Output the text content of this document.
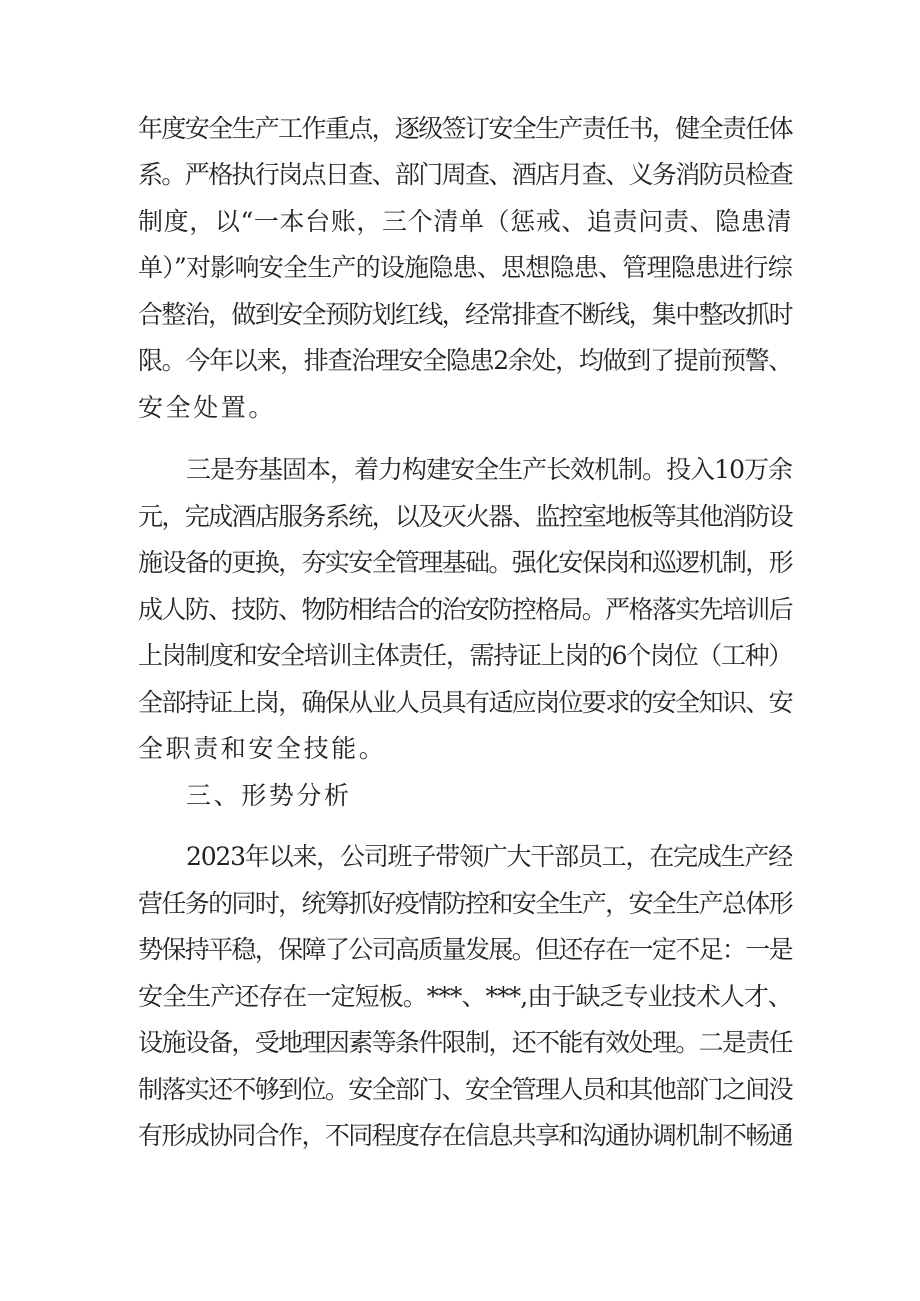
年度安全生产工作重点，逐级签订安全生产责任书，健全责任体
系。严格执行岗点日查、部门周查、酒店月查、义务消防员检查
制度，以“一本台账，三个清单（惩戒、追责问责、隐患清
单）”对影响安全生产的设施隐患、思想隐患、管理隐患进行综
合整治，做到安全预防划红线，经常排查不断线，集中整改抓时
限。今年以来，排查治理安全隐患2余处，均做到了提前预警、
安全处置。
三是夯基固本，着力构建安全生产长效机制。投入10万余
元，完成酒店服务系统，以及灭火器、监控室地板等其他消防设
施设备的更换，夯实安全管理基础。强化安保岗和巡逻机制，形
成人防、技防、物防相结合的治安防控格局。严格落实先培训后
上岗制度和安全培训主体责任，需持证上岗的6个岗位（工种）
全部持证上岗，确保从业人员具有适应岗位要求的安全知识、安
全职责和安全技能。
三、形势分析
2023年以来，公司班子带领广大干部员工，在完成生产经
营任务的同时，统筹抓好疫情防控和安全生产，安全生产总体形
势保持平稳，保障了公司高质量发展。但还存在一定不足：一是
安全生产还存在一定短板。***、***,由于缺乏专业技术人才、
设施设备，受地理因素等条件限制，还不能有效处理。二是责任
制落实还不够到位。安全部门、安全管理人员和其他部门之间没
有形成协同合作，不同程度存在信息共享和沟通协调机制不畅通
